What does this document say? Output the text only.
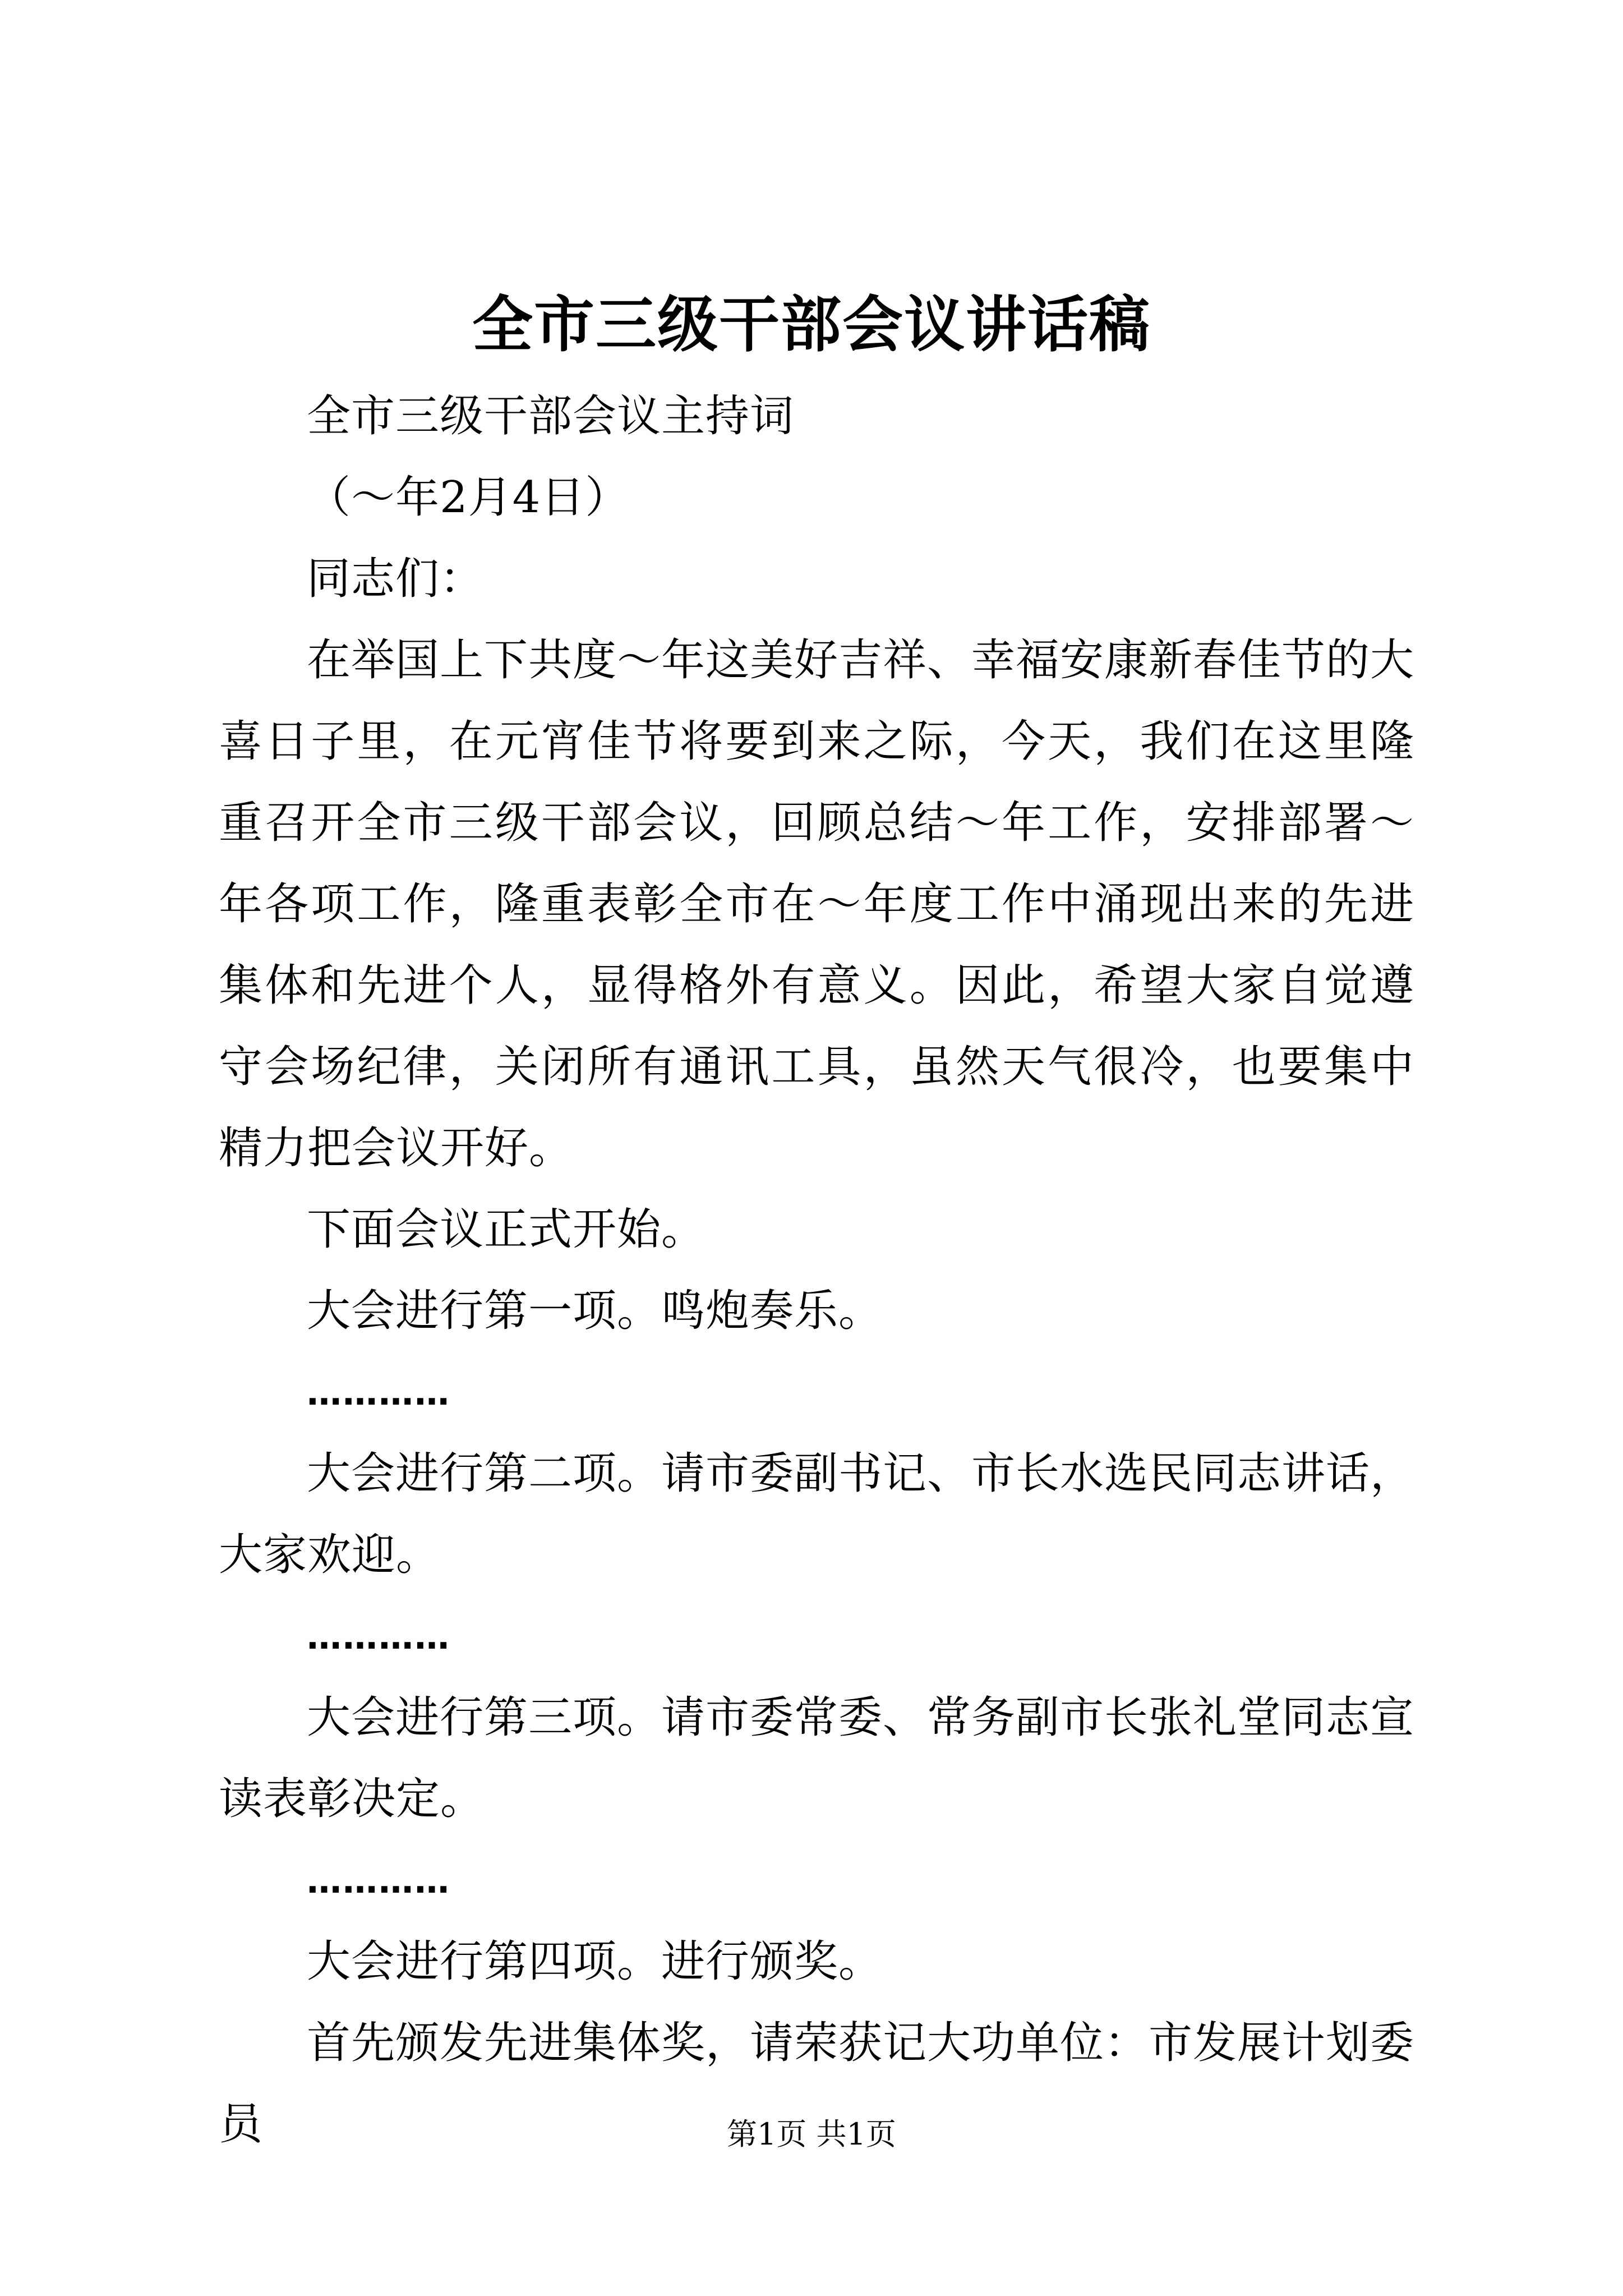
全市三级干部会议讲话稿

全市三级干部会议主持词

（～年2月4日）

同志们：

在举国上下共度～年这美好吉祥、幸福安康新春佳节的大喜日子里，在元宵佳节将要到来之际，今天，我们在这里隆重召开全市三级干部会议，回顾总结～年工作，安排部署～年各项工作，隆重表彰全市在～年度工作中涌现出来的先进集体和先进个人，显得格外有意义。因此，希望大家自觉遵守会场纪律，关闭所有通讯工具，虽然天气很冷，也要集中精力把会议开好。

下面会议正式开始。

大会进行第一项。鸣炮奏乐。

…………

大会进行第二项。请市委副书记、市长水选民同志讲话，大家欢迎。

…………

大会进行第三项。请市委常委、常务副市长张礼堂同志宣读表彰决定。

…………

大会进行第四项。进行颁奖。

首先颁发先进集体奖，请荣获记大功单位：市发展计划委员	第1页 共1页
